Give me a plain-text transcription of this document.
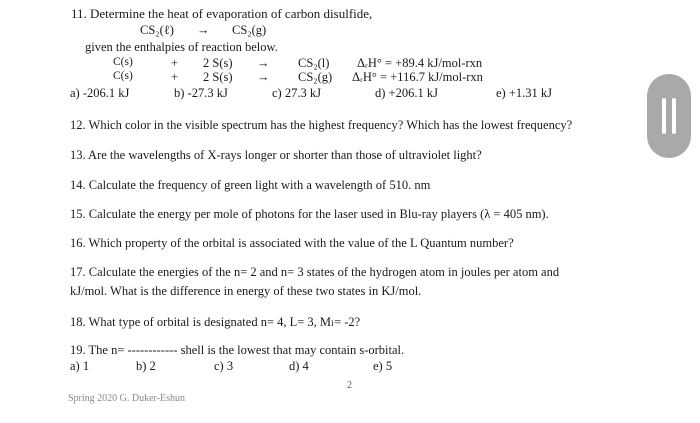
11. Determine the heat of evaporation of carbon disulfide,
CS₂(ℓ) → CS₂(g)
given the enthalpies of reaction below.
C(s)	+ 2 S(s) → CS₂(l) ΔᵣH° = +89.4 kJ/mol-rxn
C(s)	+ 2 S(s) → CS₂(g) ΔᵣH° = +116.7 kJ/mol-rxn
a) -206.1 kJ	b) -27.3 kJ	c) 27.3 kJ	d) +206.1 kJ	e) +1.31 kJ
12. Which color in the visible spectrum has the highest frequency? Which has the lowest frequency?
13. Are the wavelengths of X-rays longer or shorter than those of ultraviolet light?
14. Calculate the frequency of green light with a wavelength of 510. nm
15. Calculate the energy per mole of photons for the laser used in Blu-ray players (λ = 405 nm).
16. Which property of the orbital is associated with the value of the L Quantum number?
17. Calculate the energies of the n= 2 and n= 3 states of the hydrogen atom in joules per atom and
kJ/mol. What is the difference in energy of these two states in KJ/mol.
18. What type of orbital is designated n= 4, L= 3, Mₗ= -2?
19. The n= ------------ shell is the lowest that may contain s-orbital.
a) 1	b) 2	c) 3	d) 4	e) 5
2
Spring 2020 G. Duker-Eshun
